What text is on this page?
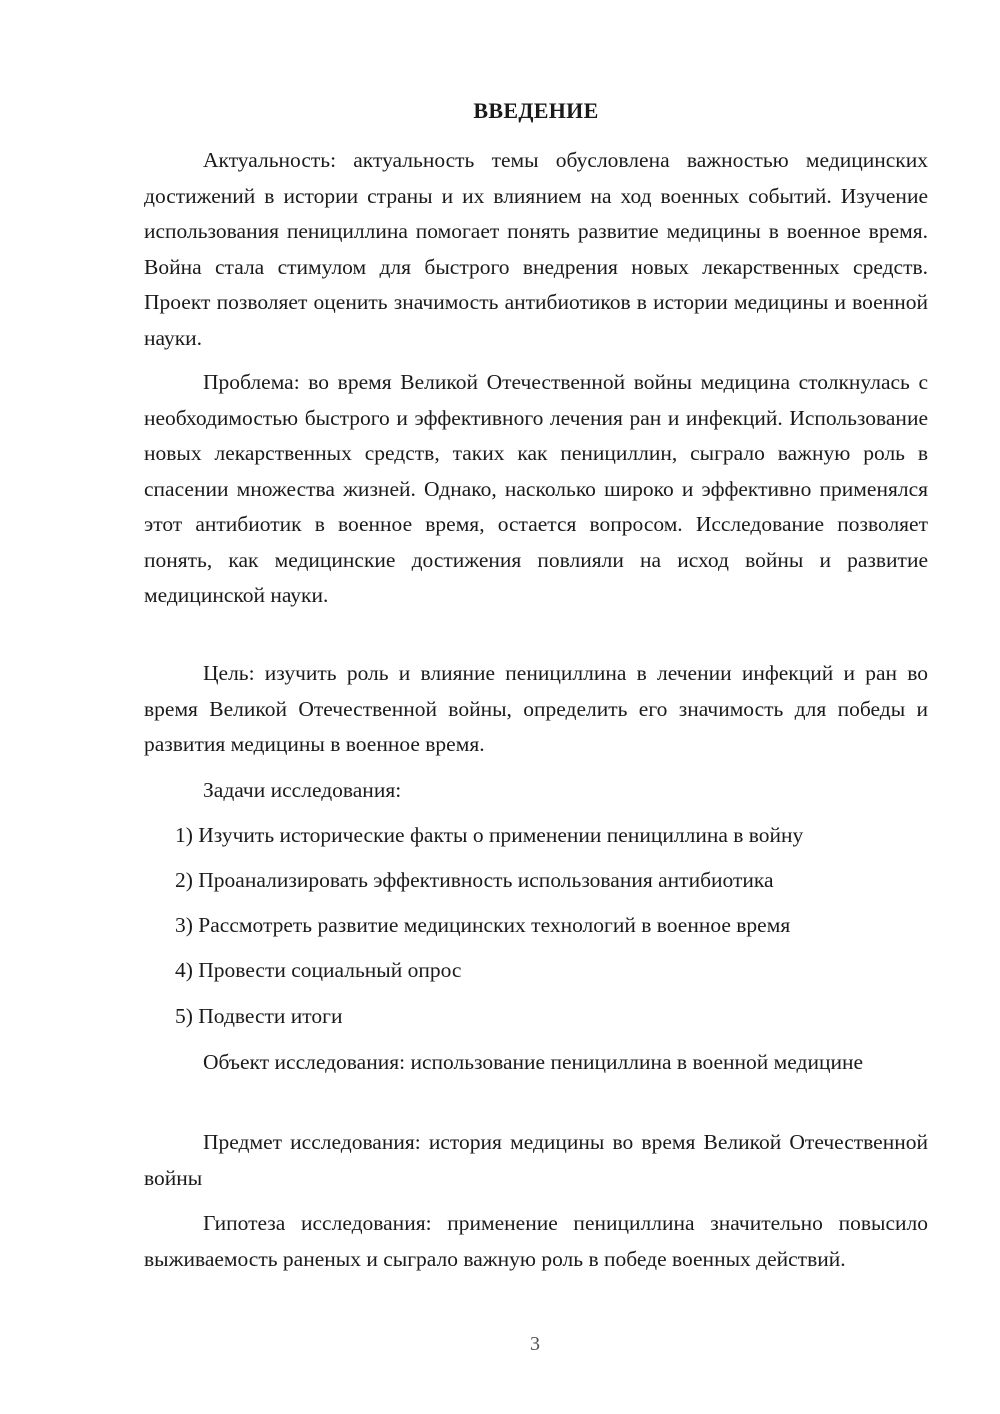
ВВЕДЕНИЕ

Актуальность: актуальность темы обусловлена важностью медицинских достижений в истории страны и их влиянием на ход военных событий. Изучение использования пенициллина помогает понять развитие медицины в военное время. Война стала стимулом для быстрого внедрения новых лекарственных средств. Проект позволяет оценить значимость антибиотиков в истории медицины и военной науки.

Проблема: во время Великой Отечественной войны медицина столкнулась с необходимостью быстрого и эффективного лечения ран и инфекций. Использование новых лекарственных средств, таких как пенициллин, сыграло важную роль в спасении множества жизней. Однако, насколько широко и эффективно применялся этот антибиотик в военное время, остается вопросом. Исследование позволяет понять, как медицинские достижения повлияли на исход войны и развитие медицинской науки.

Цель: изучить роль и влияние пенициллина в лечении инфекций и ран во время Великой Отечественной войны, определить его значимость для победы и развития медицины в военное время.

Задачи исследования:

1) Изучить исторические факты о применении пенициллина в войну

2) Проанализировать эффективность использования антибиотика

3) Рассмотреть развитие медицинских технологий в военное время

4) Провести социальный опрос

5) Подвести итоги

Объект исследования: использование пенициллина в военной медицине

Предмет исследования: история медицины во время Великой Отечественной войны

Гипотеза исследования: применение пенициллина значительно повысило выживаемость раненых и сыграло важную роль в победе военных действий.

3
